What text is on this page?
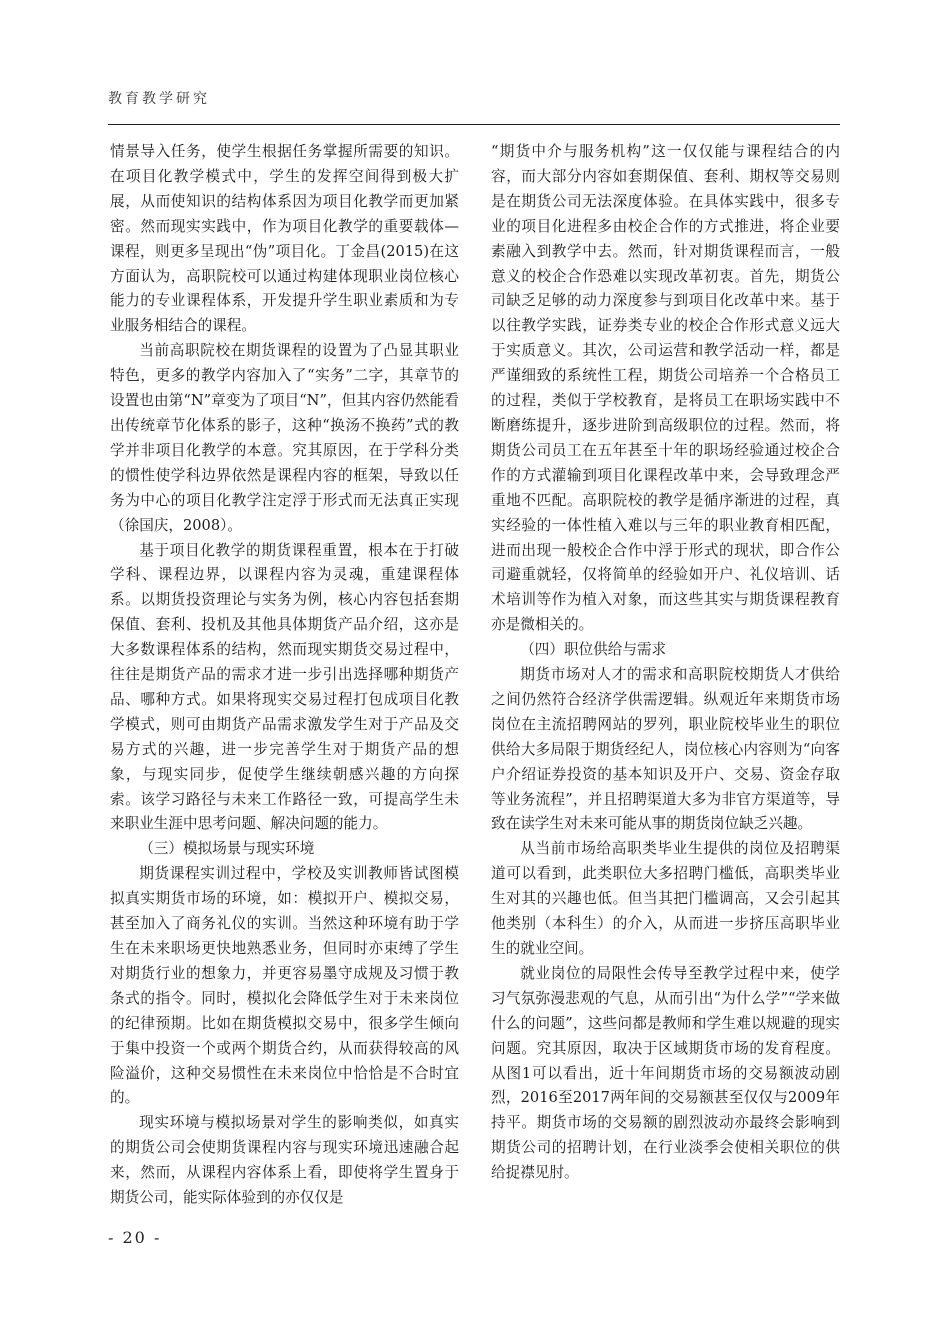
教育教学研究

情景导入任务，使学生根据任务掌握所需要的知识。在项目化教学模式中，学生的发挥空间得到极大扩展，从而使知识的结构体系因为项目化教学而更加紧密。然而现实实践中，作为项目化教学的重要载体—课程，则更多呈现出“伪”项目化。丁金昌(2015)在这方面认为，高职院校可以通过构建体现职业岗位核心能力的专业课程体系，开发提升学生职业素质和为专业服务相结合的课程。

当前高职院校在期货课程的设置为了凸显其职业特色，更多的教学内容加入了“实务”二字，其章节的设置也由第“N”章变为了项目“N”，但其内容仍然能看出传统章节化体系的影子，这种“换汤不换药”式的教学并非项目化教学的本意。究其原因，在于学科分类的惯性使学科边界依然是课程内容的框架，导致以任务为中心的项目化教学注定浮于形式而无法真正实现（徐国庆，2008）。

基于项目化教学的期货课程重置，根本在于打破学科、课程边界，以课程内容为灵魂，重建课程体系。以期货投资理论与实务为例，核心内容包括套期保值、套利、投机及其他具体期货产品介绍，这亦是大多数课程体系的结构，然而现实期货交易过程中，往往是期货产品的需求才进一步引出选择哪种期货产品、哪种方式。如果将现实交易过程打包成项目化教学模式，则可由期货产品需求激发学生对于产品及交易方式的兴趣，进一步完善学生对于期货产品的想象，与现实同步，促使学生继续朝感兴趣的方向探索。该学习路径与未来工作路径一致，可提高学生未来职业生涯中思考问题、解决问题的能力。

（三）模拟场景与现实环境

期货课程实训过程中，学校及实训教师皆试图模拟真实期货市场的环境，如：模拟开户、模拟交易，甚至加入了商务礼仪的实训。当然这种环境有助于学生在未来职场更快地熟悉业务，但同时亦束缚了学生对期货行业的想象力，并更容易墨守成规及习惯于教条式的指令。同时，模拟化会降低学生对于未来岗位的纪律预期。比如在期货模拟交易中，很多学生倾向于集中投资一个或两个期货合约，从而获得较高的风险溢价，这种交易惯性在未来岗位中恰恰是不合时宜的。

现实环境与模拟场景对学生的影响类似，如真实的期货公司会使期货课程内容与现实环境迅速融合起来，然而，从课程内容体系上看，即使将学生置身于期货公司，能实际体验到的亦仅仅是

“期货中介与服务机构”这一仅仅能与课程结合的内容，而大部分内容如套期保值、套利、期权等交易则是在期货公司无法深度体验。在具体实践中，很多专业的项目化进程多由校企合作的方式推进，将企业要素融入到教学中去。然而，针对期货课程而言，一般意义的校企合作恐难以实现改革初衷。首先，期货公司缺乏足够的动力深度参与到项目化改革中来。基于以往教学实践，证券类专业的校企合作形式意义远大于实质意义。其次，公司运营和教学活动一样，都是严谨细致的系统性工程，期货公司培养一个合格员工的过程，类似于学校教育，是将员工在职场实践中不断磨练提升，逐步进阶到高级职位的过程。然而，将期货公司员工在五年甚至十年的职场经验通过校企合作的方式灌输到项目化课程改革中来，会导致理念严重地不匹配。高职院校的教学是循序渐进的过程，真实经验的一体性植入难以与三年的职业教育相匹配，进而出现一般校企合作中浮于形式的现状，即合作公司避重就轻，仅将简单的经验如开户、礼仪培训、话术培训等作为植入对象，而这些其实与期货课程教育亦是微相关的。

（四）职位供给与需求

期货市场对人才的需求和高职院校期货人才供给之间仍然符合经济学供需逻辑。纵观近年来期货市场岗位在主流招聘网站的罗列，职业院校毕业生的职位供给大多局限于期货经纪人，岗位核心内容则为“向客户介绍证券投资的基本知识及开户、交易、资金存取等业务流程”，并且招聘渠道大多为非官方渠道等，导致在读学生对未来可能从事的期货岗位缺乏兴趣。

从当前市场给高职类毕业生提供的岗位及招聘渠道可以看到，此类职位大多招聘门槛低，高职类毕业生对其的兴趣也低。但当其把门槛调高，又会引起其他类别（本科生）的介入，从而进一步挤压高职毕业生的就业空间。

就业岗位的局限性会传导至教学过程中来，使学习气氛弥漫悲观的气息，从而引出“为什么学”“学来做什么的问题”，这些问都是教师和学生难以规避的现实问题。究其原因，取决于区域期货市场的发育程度。从图1可以看出，近十年间期货市场的交易额波动剧烈，2016至2017两年间的交易额甚至仅仅与2009年持平。期货市场的交易额的剧烈波动亦最终会影响到期货公司的招聘计划，在行业淡季会使相关职位的供给捉襟见肘。

- 20 -
